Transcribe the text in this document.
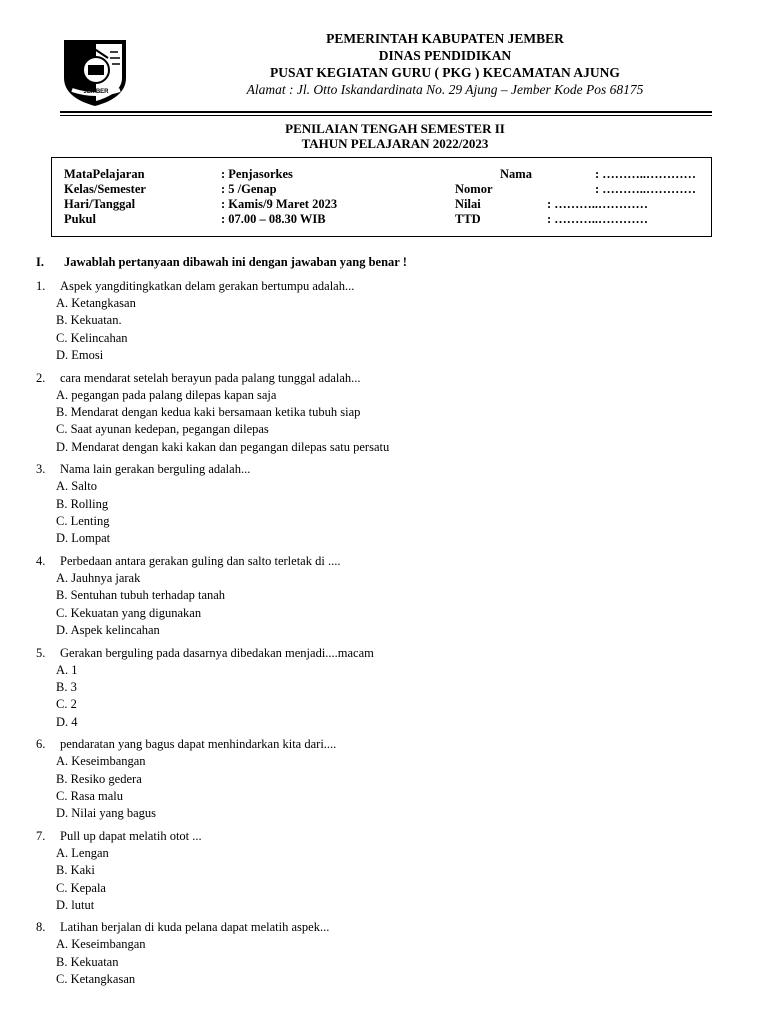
JEMBER
PEMERINTAH KABUPATEN JEMBER
DINAS PENDIDIKAN
PUSAT KEGIATAN GURU ( PKG ) KECAMATAN AJUNG
Alamat : Jl. Otto Iskandardinata No. 29 Ajung – Jember Kode Pos 68175
PENILAIAN TENGAH SEMESTER II
TAHUN PELAJARAN 2022/2023
MataPelajaran
Kelas/Semester
Hari/Tanggal
Pukul
: Penjasorkes
: 5 /Genap
: Kamis/9 Maret 2023
: 07.00 – 08.30 WIB
Nama
Nomor
Nilai
TTD
: ………..…………
: ………..…………
: ………..…………
: ………..…………
I. Jawablah pertanyaan dibawah ini dengan jawaban yang benar !
1. Aspek yangditingkatkan delam gerakan bertumpu adalah...
A. Ketangkasan
B. Kekuatan.
C. Kelincahan
D. Emosi
2. cara mendarat setelah berayun pada palang tunggal adalah...
A. pegangan pada palang dilepas kapan saja
B. Mendarat dengan kedua kaki bersamaan ketika tubuh siap
C. Saat ayunan kedepan, pegangan dilepas
D. Mendarat dengan kaki kakan dan pegangan dilepas satu persatu
3. Nama lain gerakan berguling adalah...
A. Salto
B. Rolling
C. Lenting
D. Lompat
4. Perbedaan antara gerakan guling dan salto terletak di ....
A. Jauhnya jarak
B. Sentuhan tubuh terhadap tanah
C. Kekuatan yang digunakan
D. Aspek kelincahan
5. Gerakan berguling pada dasarnya dibedakan menjadi....macam
A. 1
B. 3
C. 2
D. 4
6. pendaratan yang bagus dapat menhindarkan kita dari....
A. Keseimbangan
B. Resiko gedera
C. Rasa malu
D. Nilai yang bagus
7. Pull up dapat melatih otot ...
A. Lengan
B. Kaki
C. Kepala
D. lutut
8. Latihan berjalan di kuda pelana dapat melatih aspek...
A. Keseimbangan
B. Kekuatan
C. Ketangkasan
